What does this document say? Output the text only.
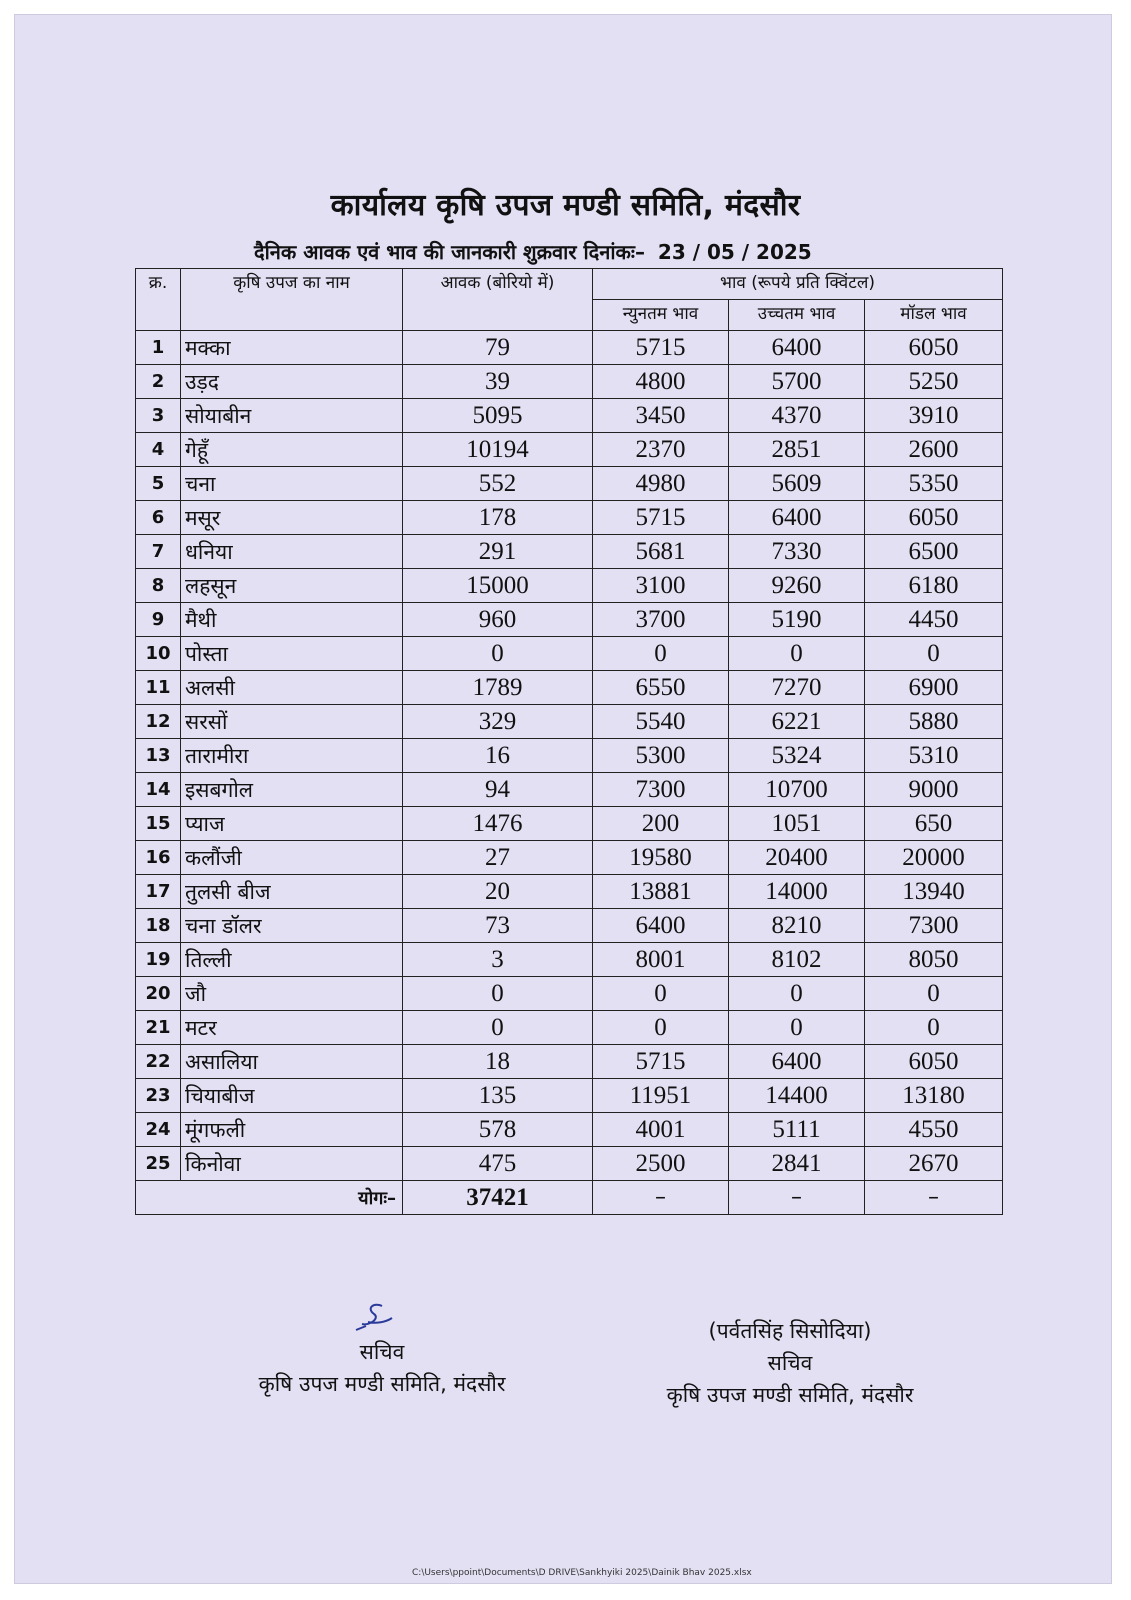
कार्यालय कृषि उपज मण्डी समिति, मंदसौर
दैनिक आवक एवं भाव की जानकारी शुक्रवार दिनांकः– 23 / 05 / 2025
क्र.	कृषि उपज का नाम	आवक (बोरियो में)	भाव (रूपये प्रति क्विंटल)		
			न्युनतम भाव	उच्चतम भाव	मॉडल भाव
1	मक्का	79	5715	6400	6050
2	उड़द	39	4800	5700	5250
3	सोयाबीन	5095	3450	4370	3910
4	गेहूँ	10194	2370	2851	2600
5	चना	552	4980	5609	5350
6	मसूर	178	5715	6400	6050
7	धनिया	291	5681	7330	6500
8	लहसून	15000	3100	9260	6180
9	मैथी	960	3700	5190	4450
10	पोस्ता	0	0	0	0
11	अलसी	1789	6550	7270	6900
12	सरसों	329	5540	6221	5880
13	तारामीरा	16	5300	5324	5310
14	इसबगोल	94	7300	10700	9000
15	प्याज	1476	200	1051	650
16	कलौंजी	27	19580	20400	20000
17	तुलसी बीज	20	13881	14000	13940
18	चना डॉलर	73	6400	8210	7300
19	तिल्ली	3	8001	8102	8050
20	जौ	0	0	0	0
21	मटर	0	0	0	0
22	असालिया	18	5715	6400	6050
23	चियाबीज	135	11951	14400	13180
24	मूंगफली	578	4001	5111	4550
25	किनोवा	475	2500	2841	2670
योगः–		37421	–	–	–
सचिव
कृषि उपज मण्डी समिति, मंदसौर
(पर्वतसिंह सिसोदिया)
सचिव
कृषि उपज मण्डी समिति, मंदसौर
C:\Users\ppoint\Documents\D DRIVE\Sankhyiki 2025\Dainik Bhav 2025.xlsx
